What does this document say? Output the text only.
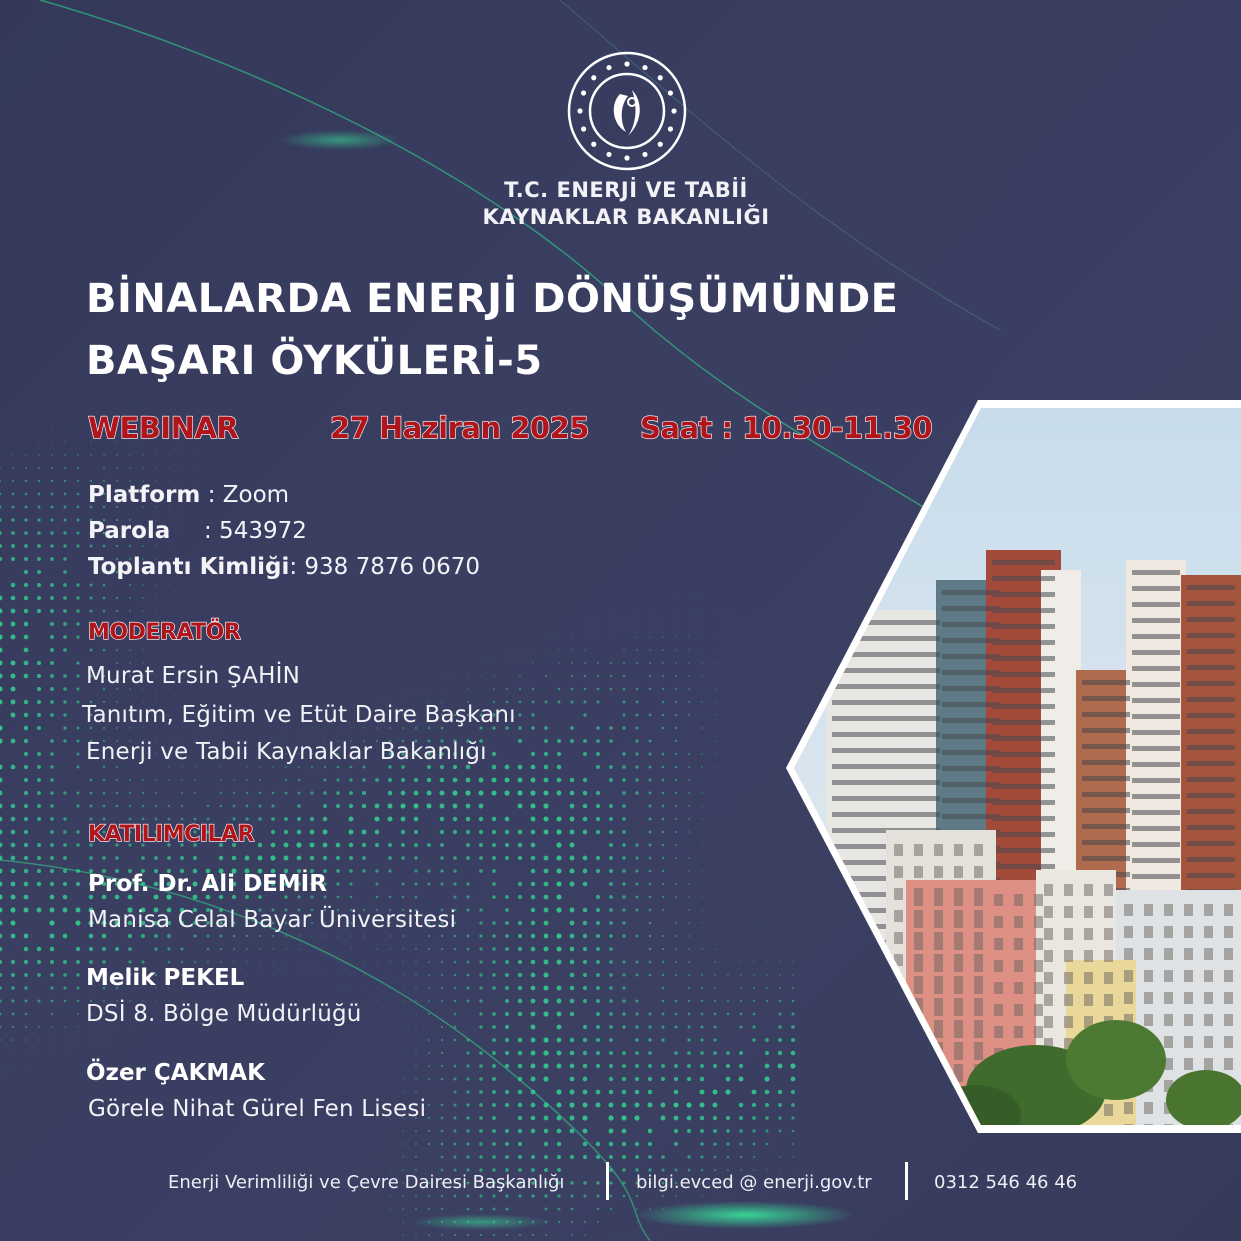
T.C. ENERJİ VE TABİİ
KAYNAKLAR BAKANLIĞI
BİNALARDA ENERJİ DÖNÜŞÜMÜNDE
BAŞARI ÖYKÜLERİ-5
WEBINAR	27 Haziran 2025 Saat : 10.30-11.30
Platform : Zoom
Parola : 543972
Toplantı Kimliği: 938 7876 0670
MODERATÖR
Murat Ersin ŞAHİN
Tanıtım, Eğitim ve Etüt Daire Başkanı
Enerji ve Tabii Kaynaklar Bakanlığı
KATILIMCILAR
Prof. Dr. Ali DEMİR
Manisa Celal Bayar Üniversitesi
Melik PEKEL
DSİ 8. Bölge Müdürlüğü
Özer ÇAKMAK
Görele Nihat Gürel Fen Lisesi
Enerji Verimliliği ve Çevre Dairesi Başkanlığı	bilgi.evced @ enerji.gov.tr	0312 546 46 46
